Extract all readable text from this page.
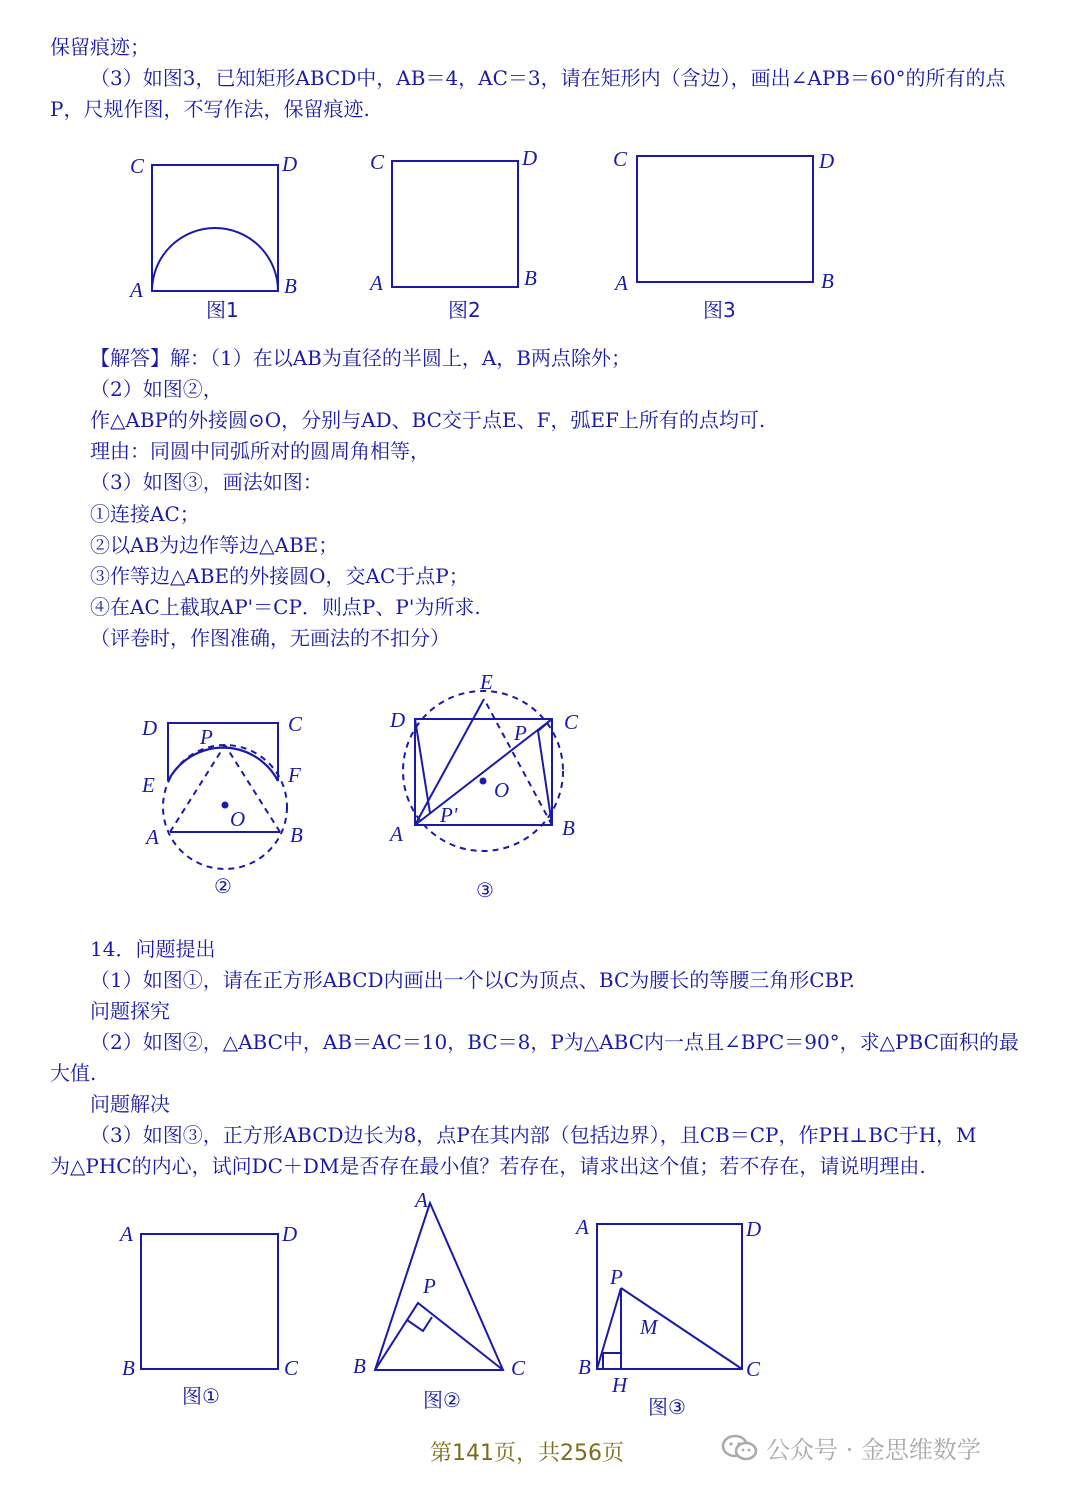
保留痕迹；
（3）如图3，已知矩形ABCD中，AB＝4，AC＝3，请在矩形内（含边），画出∠APB＝60°的所有的点
P，尺规作图，不写作法，保留痕迹.
C	D
A	B
图1
C	D
A	B
图2
C	D
A	B
图3
【解答】解：（1）在以AB为直径的半圆上，A，B两点除外；
（2）如图②，
作△ABP的外接圆⊙O，分别与AD、BC交于点E、F，弧EF上所有的点均可.
理由：同圆中同弧所对的圆周角相等，
（3）如图③，画法如图：
①连接AC；
②以AB为边作等边△ABE；
③作等边△ABE的外接圆O，交AC于点P；
④在AC上截取AP'＝CP．则点P、P'为所求.
（评卷时，作图准确，无画法的不扣分）
D	C
P
E	F
O
A	B
②
E
D	C
P
O
P'
A	B
③
14．问题提出
（1）如图①，请在正方形ABCD内画出一个以C为顶点、BC为腰长的等腰三角形CBP.
问题探究
（2）如图②，△ABC中，AB＝AC＝10，BC＝8，P为△ABC内一点且∠BPC＝90°，求△PBC面积的最
大值.
问题解决
（3）如图③，正方形ABCD边长为8，点P在其内部（包括边界），且CB＝CP，作PH⊥BC于H，M
为△PHC的内心，试问DC＋DM是否存在最小值？若存在，请求出这个值；若不存在，请说明理由.
A	D
B	C
图①
A
P
B	C
图②
A	D
P
M
B
H
C
图③
第141页，共256页	公众号 · 金思维数学
